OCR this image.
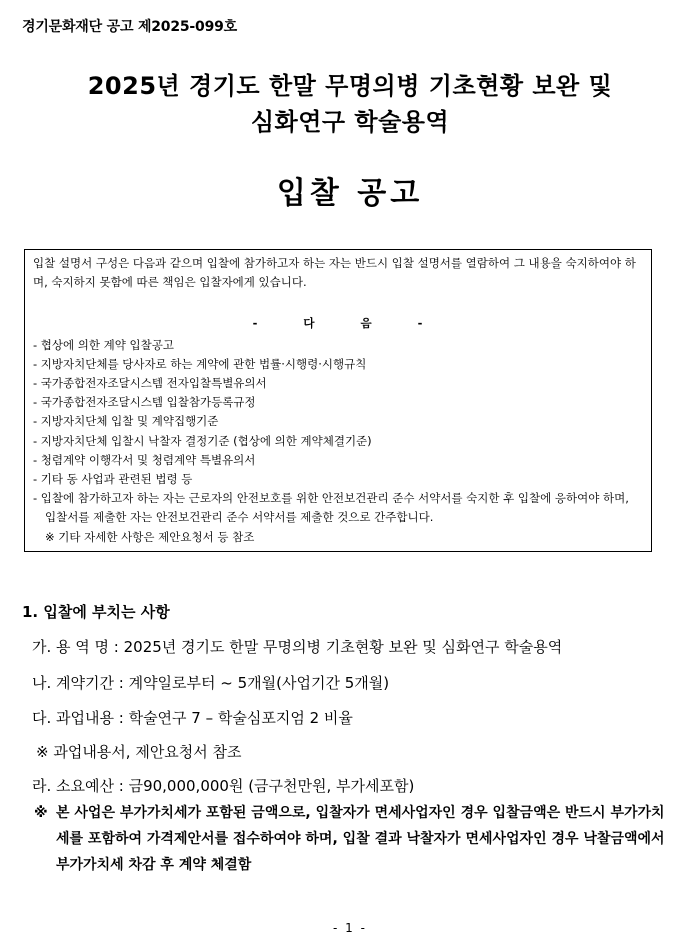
경기문화재단 공고 제2025-099호
2025년 경기도 한말 무명의병 기초현황 보완 및
심화연구 학술용역
입찰 공고

입찰 설명서 구성은 다음과 같으며 입찰에 참가하고자 하는 자는 반드시 입찰 설명서를 열람하여 그 내용을 숙지하여야 하며, 숙지하지 못함에 따른 책임은 입찰자에게 있습니다.

- 다 음 -
- 협상에 의한 계약 입찰공고
- 지방자치단체를 당사자로 하는 계약에 관한 법률·시행령·시행규칙
- 국가종합전자조달시스템 전자입찰특별유의서
- 국가종합전자조달시스템 입찰참가등록규정
- 지방자치단체 입찰 및 계약집행기준
- 지방자치단체 입찰시 낙찰자 결정기준 (협상에 의한 계약체결기준)
- 청렴계약 이행각서 및 청렴계약 특별유의서
- 기타 동 사업과 관련된 법령 등
- 입찰에 참가하고자 하는 자는 근로자의 안전보호를 위한 안전보건관리 준수 서약서를 숙지한 후 입찰에 응하여야 하며, 입찰서를 제출한 자는 안전보건관리 준수 서약서를 제출한 것으로 간주합니다.
※ 기타 자세한 사항은 제안요청서 등 참조
1. 입찰에 부치는 사항
가. 용 역 명 : 2025년 경기도 한말 무명의병 기초현황 보완 및 심화연구 학술용역
나. 계약기간 : 계약일로부터 ~ 5개월(사업기간 5개월)
다. 과업내용 : 학술연구 7 – 학술심포지엄 2 비율
※ 과업내용서, 제안요청서 참조
라. 소요예산 : 금90,000,000원 (금구천만원, 부가세포함)
※ 본 사업은 부가가치세가 포함된 금액으로, 입찰자가 면세사업자인 경우 입찰금액은 반드시 부가가치세를 포함하여 가격제안서를 접수하여야 하며, 입찰 결과 낙찰자가 면세사업자인 경우 낙찰금액에서 부가가치세 차감 후 계약 체결함
- 1 -
